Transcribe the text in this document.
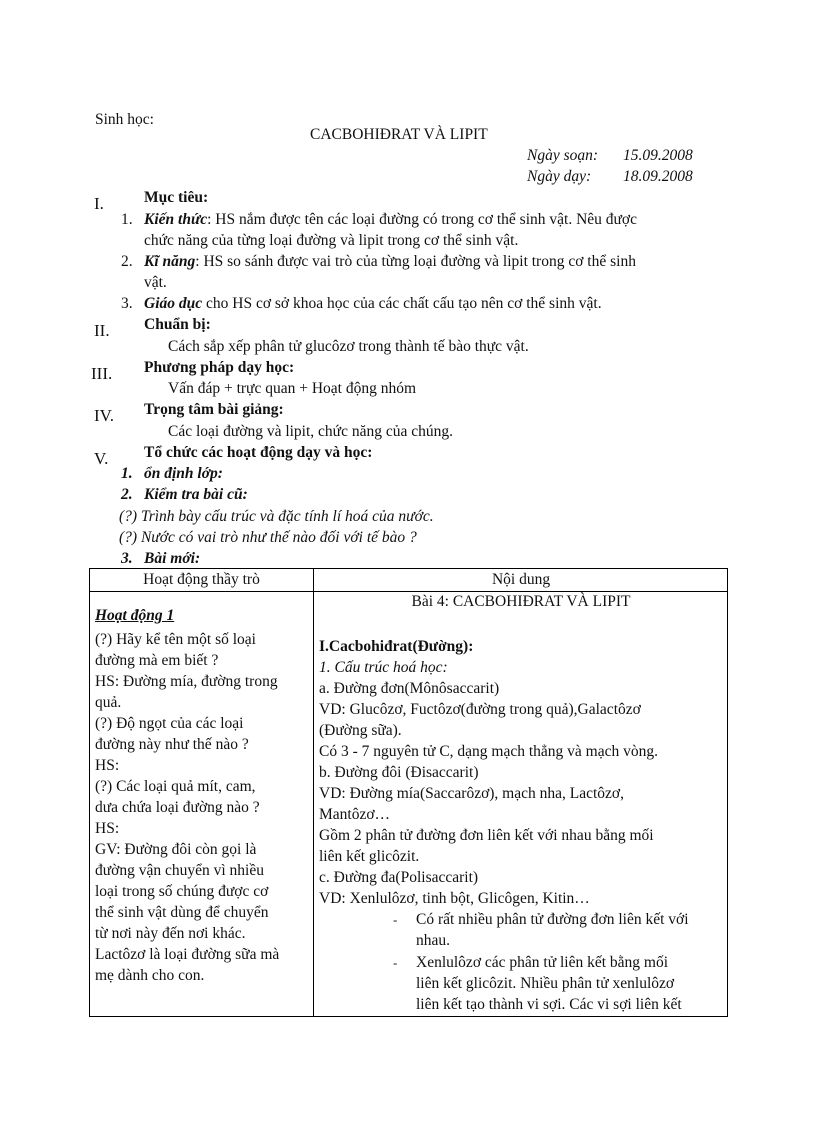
Sinh học:
CACBOHIĐRAT VÀ LIPIT
Ngày soạn: 15.09.2008
Ngày dạy: 18.09.2008
I.	Mục tiêu:
1. Kiến thức: HS nắm được tên các loại đường có trong cơ thể sinh vật. Nêu được
chức năng của từng loại đường và lipit trong cơ thể sinh vật.
2. Kĩ năng: HS so sánh được vai trò của từng loại đường và lipit trong cơ thể sinh
vật.
3. Giáo dục cho HS cơ sở khoa học của các chất cấu tạo nên cơ thể sinh vật.
II. Chuẩn bị:
Cách sắp xếp phân tử glucôzơ trong thành tế bào thực vật.
III. Phương pháp dạy học:
Vấn đáp + trực quan + Hoạt động nhóm
IV. Trọng tâm bài giảng:
Các loại đường và lipit, chức năng của chúng.
V. Tổ chức các hoạt động dạy và học:
1. ổn định lớp:
2. Kiểm tra bài cũ:
(?) Trình bày cấu trúc và đặc tính lí hoá của nước.
(?) Nước có vai trò như thế nào đối với tế bào ?
3. Bài mới:
Hoạt động thầy trò	Nội dung
Hoạt động 1
(?) Hãy kể tên một số loại
đường mà em biết ?
HS: Đường mía, đường trong
quả.
(?) Độ ngọt của các loại
đường này như thế nào ?
HS:
(?) Các loại quả mít, cam,
dưa chứa loại đường nào ?
HS:
GV: Đường đôi còn gọi là
đường vận chuyển vì nhiều
loại trong số chúng được cơ
thể sinh vật dùng để chuyển
từ nơi này đến nơi khác.
Lactôzơ là loại đường sữa mà
mẹ dành cho con.
Bài 4: CACBOHIĐRAT VÀ LIPIT
I.Cacbohiđrat(Đường):
1. Cấu trúc hoá học:
a. Đường đơn(Mônôsaccarit)
VD: Glucôzơ, Fuctôzơ(đường trong quả),Galactôzơ
(Đường sữa).
Có 3 - 7 nguyên tử C, dạng mạch thẳng và mạch vòng.
b. Đường đôi (Đisaccarit)
VD: Đường mía(Saccarôzơ), mạch nha, Lactôzơ,
Mantôzơ…
Gồm 2 phân tử đường đơn liên kết với nhau bằng mối
liên kết glicôzit.
c. Đường đa(Polisaccarit)
VD: Xenlulôzơ, tinh bột, Glicôgen, Kitin…
- Có rất nhiều phân tử đường đơn liên kết với
nhau.
- Xenlulôzơ các phân tử liên kết bằng mối
liên kết glicôzit. Nhiều phân tử xenlulôzơ
liên kết tạo thành vi sợi. Các vi sợi liên kết
